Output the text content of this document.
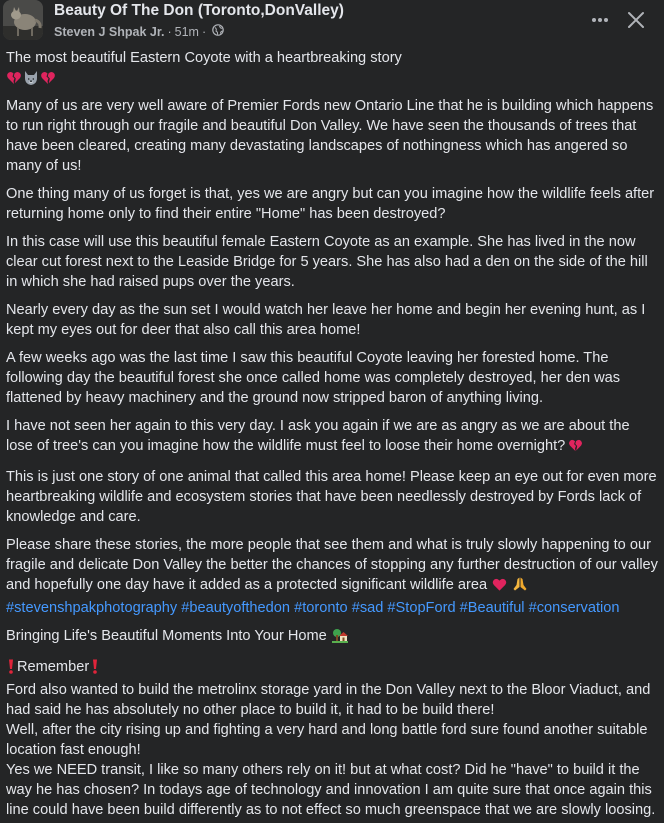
Beauty Of The Don (Toronto,DonValley)
Steven J Shpak Jr. · 51m ·

The most beautiful Eastern Coyote with a heartbreaking story

Many of us are very well aware of Premier Fords new Ontario Line that he is building which happens to run right through our fragile and beautiful Don Valley. We have seen the thousands of trees that have been cleared, creating many devastating landscapes of nothingness which has angered so many of us!

One thing many of us forget is that, yes we are angry but can you imagine how the wildlife feels after returning home only to find their entire "Home" has been destroyed?

In this case will use this beautiful female Eastern Coyote as an example. She has lived in the now clear cut forest next to the Leaside Bridge for 5 years. She has also had a den on the side of the hill in which she had raised pups over the years.

Nearly every day as the sun set I would watch her leave her home and begin her evening hunt, as I kept my eyes out for deer that also call this area home!

A few weeks ago was the last time I saw this beautiful Coyote leaving her forested home. The following day the beautiful forest she once called home was completely destroyed, her den was flattened by heavy machinery and the ground now stripped baron of anything living.

I have not seen her again to this very day. I ask you again if we are as angry as we are about the lose of tree's can you imagine how the wildlife must feel to loose their home overnight?

This is just one story of one animal that called this area home! Please keep an eye out for even more heartbreaking wildlife and ecosystem stories that have been needlessly destroyed by Fords lack of knowledge and care.

Please share these stories, the more people that see them and what is truly slowly happening to our fragile and delicate Don Valley the better the chances of stopping any further destruction of our valley and hopefully one day have it added as a protected significant wildlife area
#stevenshpakphotography #beautyofthedon #toronto #sad #StopFord #Beautiful #conservation

Bringing Life's Beautiful Moments Into Your Home

Remember
Ford also wanted to build the metrolinx storage yard in the Don Valley next to the Bloor Viaduct, and had said he has absolutely no other place to build it, it had to be build there!
Well, after the city rising up and fighting a very hard and long battle ford sure found another suitable location fast enough!
Yes we NEED transit, I like so many others rely on it! but at what cost? Did he "have" to build it the way he has chosen? In todays age of technology and innovation I am quite sure that once again this line could have been build differently as to not effect so much greenspace that we are slowly loosing.
